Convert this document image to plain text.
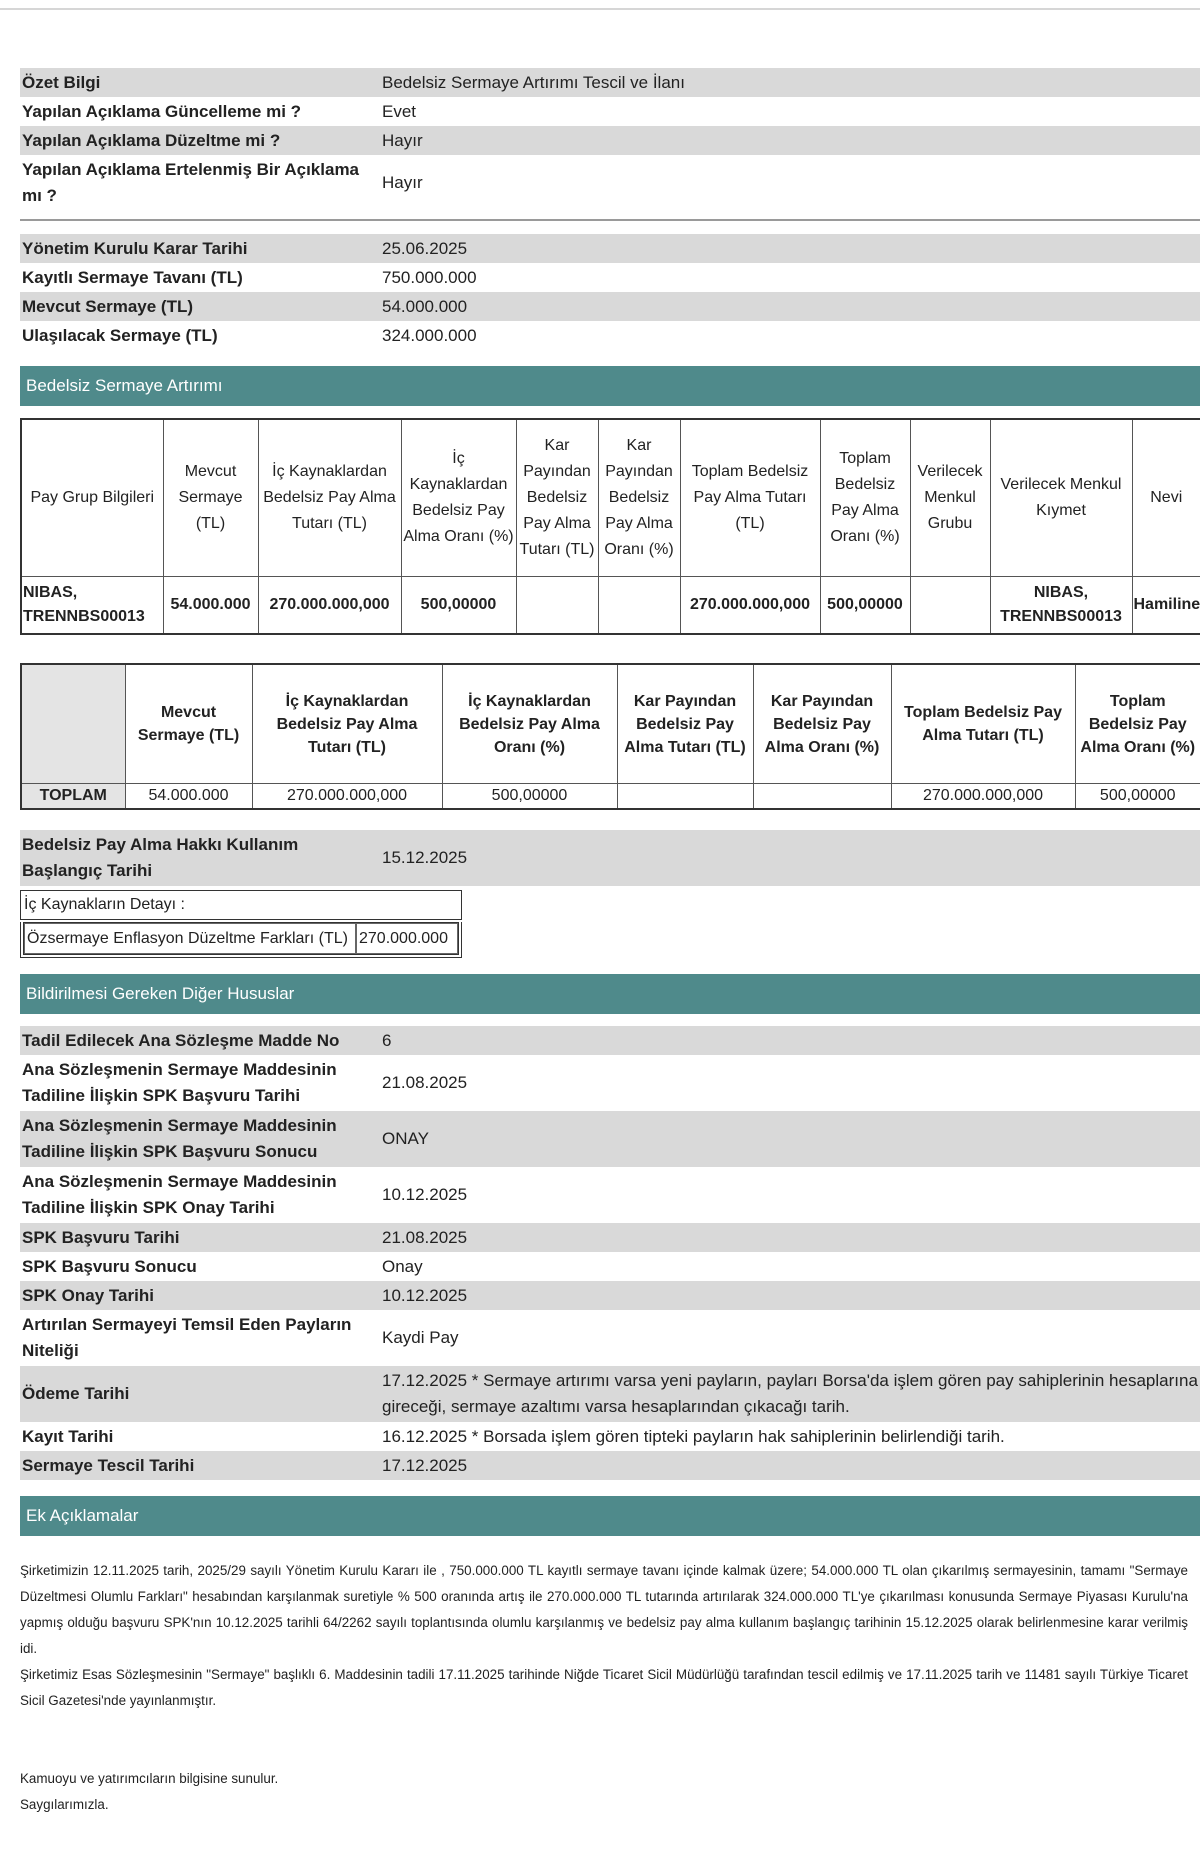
Özet Bilgi	Bedelsiz Sermaye Artırımı Tescil ve İlanı
Yapılan Açıklama Güncelleme mi ?	Evet
Yapılan Açıklama Düzeltme mi ?	Hayır
Yapılan Açıklama Ertelenmiş Bir Açıklama mı ?	Hayır
Yönetim Kurulu Karar Tarihi	25.06.2025
Kayıtlı Sermaye Tavanı (TL)	750.000.000
Mevcut Sermaye (TL)	54.000.000
Ulaşılacak Sermaye (TL)	324.000.000
Bedelsiz Sermaye Artırımı
Pay Grup Bilgileri	Mevcut Sermaye (TL)	İç Kaynaklardan Bedelsiz Pay Alma Tutarı (TL)	İç Kaynaklardan Bedelsiz Pay Alma Oranı (%)	Kar Payından Bedelsiz Pay Alma Tutarı (TL)	Kar Payından Bedelsiz Pay Alma Oranı (%)	Toplam Bedelsiz Pay Alma Tutarı (TL)	Toplam Bedelsiz Pay Alma Oranı (%)	Verilecek Menkul Grubu	Verilecek Menkul Kıymet	Nevi
NIBAS, TRENNBS00013	54.000.000	270.000.000,000	500,00000			270.000.000,000	500,00000		NIBAS, TRENNBS00013	Hamiline
	Mevcut Sermaye (TL)	İç Kaynaklardan Bedelsiz Pay Alma Tutarı (TL)	İç Kaynaklardan Bedelsiz Pay Alma Oranı (%)	Kar Payından Bedelsiz Pay Alma Tutarı (TL)	Kar Payından Bedelsiz Pay Alma Oranı (%)	Toplam Bedelsiz Pay Alma Tutarı (TL)	Toplam Bedelsiz Pay Alma Oranı (%)
TOPLAM	54.000.000	270.000.000,000	500,00000			270.000.000,000	500,00000
Bedelsiz Pay Alma Hakkı Kullanım Başlangıç Tarihi	15.12.2025
İç Kaynakların Detayı :
Özsermaye Enflasyon Düzeltme Farkları (TL) 270.000.000
Bildirilmesi Gereken Diğer Hususlar
Tadil Edilecek Ana Sözleşme Madde No	6
Ana Sözleşmenin Sermaye Maddesinin Tadiline İlişkin SPK Başvuru Tarihi	21.08.2025
Ana Sözleşmenin Sermaye Maddesinin Tadiline İlişkin SPK Başvuru Sonucu	ONAY
Ana Sözleşmenin Sermaye Maddesinin Tadiline İlişkin SPK Onay Tarihi	10.12.2025
SPK Başvuru Tarihi	21.08.2025
SPK Başvuru Sonucu	Onay
SPK Onay Tarihi	10.12.2025
Artırılan Sermayeyi Temsil Eden Payların Niteliği	Kaydi Pay
Ödeme Tarihi	17.12.2025 * Sermaye artırımı varsa yeni payların, payları Borsa'da işlem gören pay sahiplerinin hesaplarına gireceği, sermaye azaltımı varsa hesaplarından çıkacağı tarih.
Kayıt Tarihi	16.12.2025 * Borsada işlem gören tipteki payların hak sahiplerinin belirlendiği tarih.
Sermaye Tescil Tarihi	17.12.2025
Ek Açıklamalar

Şirketimizin 12.11.2025 tarih, 2025/29 sayılı Yönetim Kurulu Kararı ile , 750.000.000 TL kayıtlı sermaye tavanı içinde kalmak üzere; 54.000.000 TL olan çıkarılmış sermayesinin, tamamı "Sermaye Düzeltmesi Olumlu Farkları" hesabından karşılanmak suretiyle % 500 oranında artış ile 270.000.000 TL tutarında artırılarak 324.000.000 TL'ye çıkarılması konusunda Sermaye Piyasası Kurulu'na yapmış olduğu başvuru SPK'nın 10.12.2025 tarihli 64/2262 sayılı toplantısında olumlu karşılanmış ve bedelsiz pay alma kullanım başlangıç tarihinin 15.12.2025 olarak belirlenmesine karar verilmiş idi.

Şirketimiz Esas Sözleşmesinin "Sermaye" başlıklı 6. Maddesinin tadili 17.11.2025 tarihinde Niğde Ticaret Sicil Müdürlüğü tarafından tescil edilmiş ve 17.11.2025 tarih ve 11481 sayılı Türkiye Ticaret Sicil Gazetesi'nde yayınlanmıştır.

Kamuoyu ve yatırımcıların bilgisine sunulur.

Saygılarımızla.
